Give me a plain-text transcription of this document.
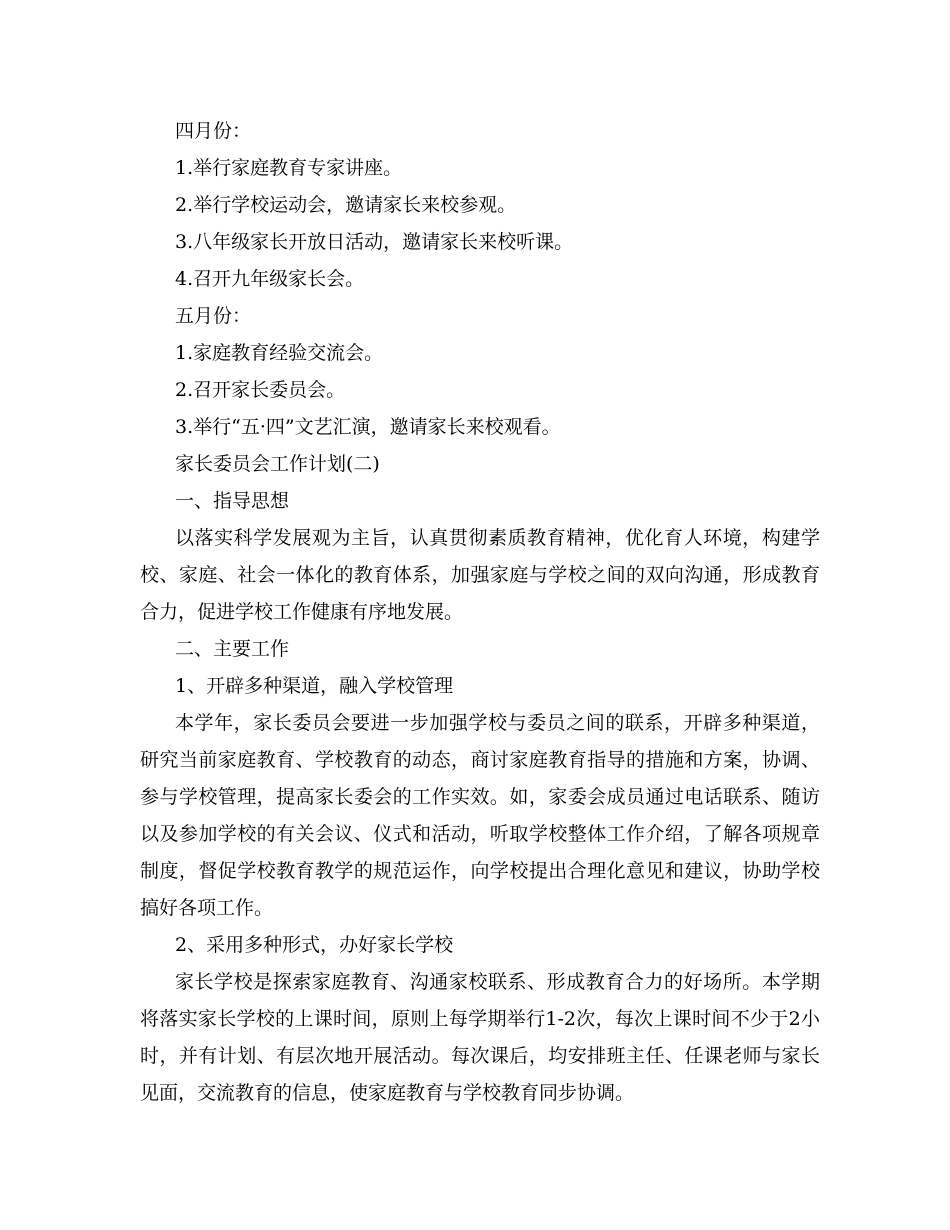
四月份：

1.举行家庭教育专家讲座。

2.举行学校运动会，邀请家长来校参观。

3.八年级家长开放日活动，邀请家长来校听课。

4.召开九年级家长会。

五月份：

1.家庭教育经验交流会。

2.召开家长委员会。

3.举行“五·四”文艺汇演，邀请家长来校观看。

家长委员会工作计划(二)

一、指导思想

以落实科学发展观为主旨，认真贯彻素质教育精神，优化育人环境，构建学校、家庭、社会一体化的教育体系，加强家庭与学校之间的双向沟通，形成教育合力，促进学校工作健康有序地发展。

二、主要工作

1、开辟多种渠道，融入学校管理

本学年，家长委员会要进一步加强学校与委员之间的联系，开辟多种渠道，研究当前家庭教育、学校教育的动态，商讨家庭教育指导的措施和方案，协调、参与学校管理，提高家长委会的工作实效。如，家委会成员通过电话联系、随访以及参加学校的有关会议、仪式和活动，听取学校整体工作介绍，了解各项规章制度，督促学校教育教学的规范运作，向学校提出合理化意见和建议，协助学校搞好各项工作。

2、采用多种形式，办好家长学校

家长学校是探索家庭教育、沟通家校联系、形成教育合力的好场所。本学期将落实家长学校的上课时间，原则上每学期举行1-2次，每次上课时间不少于2小时，并有计划、有层次地开展活动。每次课后，均安排班主任、任课老师与家长见面，交流教育的信息，使家庭教育与学校教育同步协调。
